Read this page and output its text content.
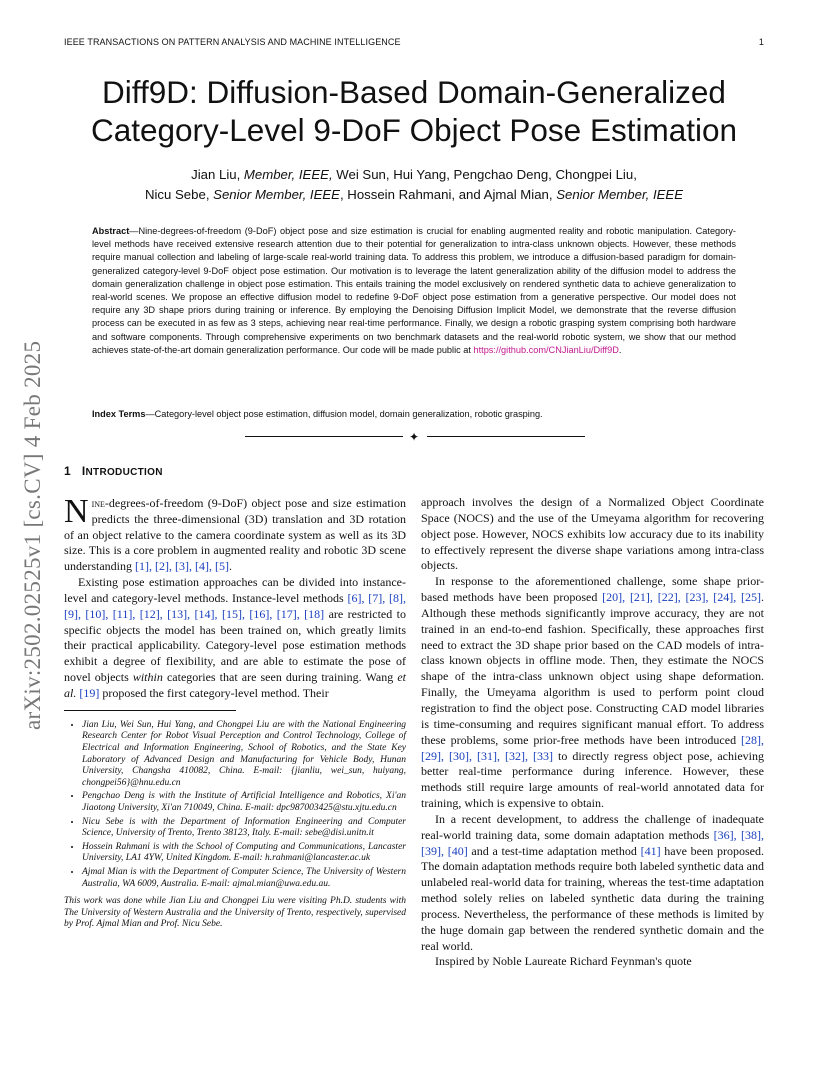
IEEE TRANSACTIONS ON PATTERN ANALYSIS AND MACHINE INTELLIGENCE	1
arXiv:2502.02525v1 [cs.CV] 4 Feb 2025
Diff9D: Diffusion-Based Domain-Generalized
Category-Level 9-DoF Object Pose Estimation
Jian Liu, Member, IEEE, Wei Sun, Hui Yang, Pengchao Deng, Chongpei Liu,
Nicu Sebe, Senior Member, IEEE, Hossein Rahmani, and Ajmal Mian, Senior Member, IEEE
Abstract—Nine-degrees-of-freedom (9-DoF) object pose and size estimation is crucial for enabling augmented reality and robotic manipulation. Category-level methods have received extensive research attention due to their potential for generalization to intra-class unknown objects. However, these methods require manual collection and labeling of large-scale real-world training data. To address this problem, we introduce a diffusion-based paradigm for domain-generalized category-level 9-DoF object pose estimation. Our motivation is to leverage the latent generalization ability of the diffusion model to address the domain generalization challenge in object pose estimation. This entails training the model exclusively on rendered synthetic data to achieve generalization to real-world scenes. We propose an effective diffusion model to redefine 9-DoF object pose estimation from a generative perspective. Our model does not require any 3D shape priors during training or inference. By employing the Denoising Diffusion Implicit Model, we demonstrate that the reverse diffusion process can be executed in as few as 3 steps, achieving near real-time performance. Finally, we design a robotic grasping system comprising both hardware and software components. Through comprehensive experiments on two benchmark datasets and the real-world robotic system, we show that our method achieves state-of-the-art domain generalization performance. Our code will be made public at https://github.com/CNJianLiu/Diff9D.
Index Terms—Category-level object pose estimation, diffusion model, domain generalization, robotic grasping.
✦
1 INTRODUCTION

Nine-degrees-of-freedom (9-DoF) object pose and size estimation predicts the three-dimensional (3D) translation and 3D rotation of an object relative to the camera coordinate system as well as its 3D size. This is a core problem in augmented reality and robotic 3D scene understanding [1], [2], [3], [4], [5].

Existing pose estimation approaches can be divided into instance-level and category-level methods. Instance-level methods [6], [7], [8], [9], [10], [11], [12], [13], [14], [15], [16], [17], [18] are restricted to specific objects the model has been trained on, which greatly limits their practical applicability. Category-level pose estimation methods exhibit a degree of flexibility, and are able to estimate the pose of novel objects within categories that are seen during training. Wang et al. [19] proposed the first category-level method. Their

• Jian Liu, Wei Sun, Hui Yang, and Chongpei Liu are with the National Engineering Research Center for Robot Visual Perception and Control Technology, College of Electrical and Information Engineering, School of Robotics, and the State Key Laboratory of Advanced Design and Manufacturing for Vehicle Body, Hunan University, Changsha 410082, China. E-mail: {jianliu, wei_sun, huiyang, chongpei56}@hnu.edu.cn
• Pengchao Deng is with the Institute of Artificial Intelligence and Robotics, Xi'an Jiaotong University, Xi'an 710049, China. E-mail: dpc987003425@stu.xjtu.edu.cn
• Nicu Sebe is with the Department of Information Engineering and Computer Science, University of Trento, Trento 38123, Italy. E-mail: sebe@disi.unitn.it
• Hossein Rahmani is with the School of Computing and Communications, Lancaster University, LA1 4YW, United Kingdom. E-mail: h.rahmani@lancaster.ac.uk
• Ajmal Mian is with the Department of Computer Science, The University of Western Australia, WA 6009, Australia. E-mail: ajmal.mian@uwa.edu.au.
This work was done while Jian Liu and Chongpei Liu were visiting Ph.D. students with The University of Western Australia and the University of Trento, respectively, supervised by Prof. Ajmal Mian and Prof. Nicu Sebe.

approach involves the design of a Normalized Object Coordinate Space (NOCS) and the use of the Umeyama algorithm for recovering object pose. However, NOCS exhibits low accuracy due to its inability to effectively represent the diverse shape variations among intra-class objects.

In response to the aforementioned challenge, some shape prior-based methods have been proposed [20], [21], [22], [23], [24], [25]. Although these methods significantly improve accuracy, they are not trained in an end-to-end fashion. Specifically, these approaches first need to extract the 3D shape prior based on the CAD models of intra-class known objects in offline mode. Then, they estimate the NOCS shape of the intra-class unknown object using shape deformation. Finally, the Umeyama algorithm is used to perform point cloud registration to find the object pose. Constructing CAD model libraries is time-consuming and requires significant manual effort. To address these problems, some prior-free methods have been introduced [28], [29], [30], [31], [32], [33] to directly regress object pose, achieving better real-time performance during inference. However, these methods still require large amounts of real-world annotated data for training, which is expensive to obtain.

In a recent development, to address the challenge of inadequate real-world training data, some domain adaptation methods [36], [38], [39], [40] and a test-time adaptation method [41] have been proposed. The domain adaptation methods require both labeled synthetic data and unlabeled real-world data for training, whereas the test-time adaptation method solely relies on labeled synthetic data during the training process. Nevertheless, the performance of these methods is limited by the huge domain gap between the rendered synthetic domain and the real world.

Inspired by Noble Laureate Richard Feynman's quote
